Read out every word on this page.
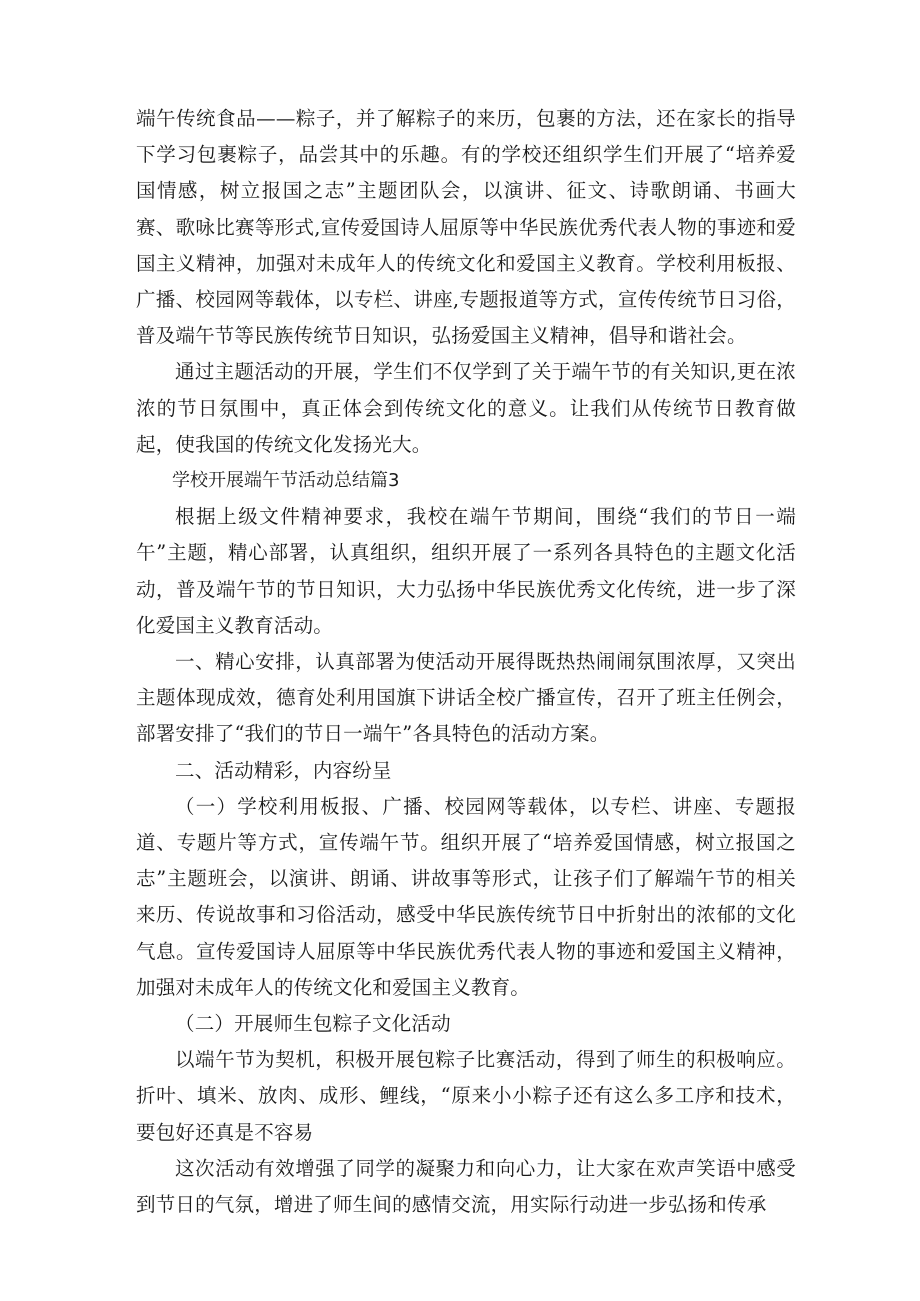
端午传统食品——粽子，并了解粽子的来历，包裹的方法，还在家长的指导下学习包裹粽子，品尝其中的乐趣。有的学校还组织学生们开展了“培养爱国情感，树立报国之志”主题团队会，以演讲、征文、诗歌朗诵、书画大赛、歌咏比赛等形式,宣传爱国诗人屈原等中华民族优秀代表人物的事迹和爱国主义精神，加强对未成年人的传统文化和爱国主义教育。学校利用板报、广播、校园网等载体，以专栏、讲座,专题报道等方式，宣传传统节日习俗，普及端午节等民族传统节日知识，弘扬爱国主义精神，倡导和谐社会。

通过主题活动的开展，学生们不仅学到了关于端午节的有关知识,更在浓浓的节日氛围中，真正体会到传统文化的意义。让我们从传统节日教育做起，使我国的传统文化发扬光大。

学校开展端午节活动总结篇3

根据上级文件精神要求，我校在端午节期间，围绕“我们的节日一端午”主题，精心部署，认真组织，组织开展了一系列各具特色的主题文化活动，普及端午节的节日知识，大力弘扬中华民族优秀文化传统，进一步了深化爱国主义教育活动。

一、精心安排，认真部署为使活动开展得既热热闹闹氛围浓厚，又突出主题体现成效，德育处利用国旗下讲话全校广播宣传，召开了班主任例会，部署安排了“我们的节日一端午”各具特色的活动方案。

二、活动精彩，内容纷呈

（一）学校利用板报、广播、校园网等载体，以专栏、讲座、专题报道、专题片等方式，宣传端午节。组织开展了“培养爱国情感，树立报国之志”主题班会，以演讲、朗诵、讲故事等形式，让孩子们了解端午节的相关来历、传说故事和习俗活动，感受中华民族传统节日中折射出的浓郁的文化气息。宣传爱国诗人屈原等中华民族优秀代表人物的事迹和爱国主义精神，加强对未成年人的传统文化和爱国主义教育。

（二）开展师生包粽子文化活动

以端午节为契机，积极开展包粽子比赛活动，得到了师生的积极响应。折叶、填米、放肉、成形、鲤线，“原来小小粽子还有这么多工序和技术，要包好还真是不容易

这次活动有效增强了同学的凝聚力和向心力，让大家在欢声笑语中感受到节日的气氛，增进了师生间的感情交流，用实际行动进一步弘扬和传承
